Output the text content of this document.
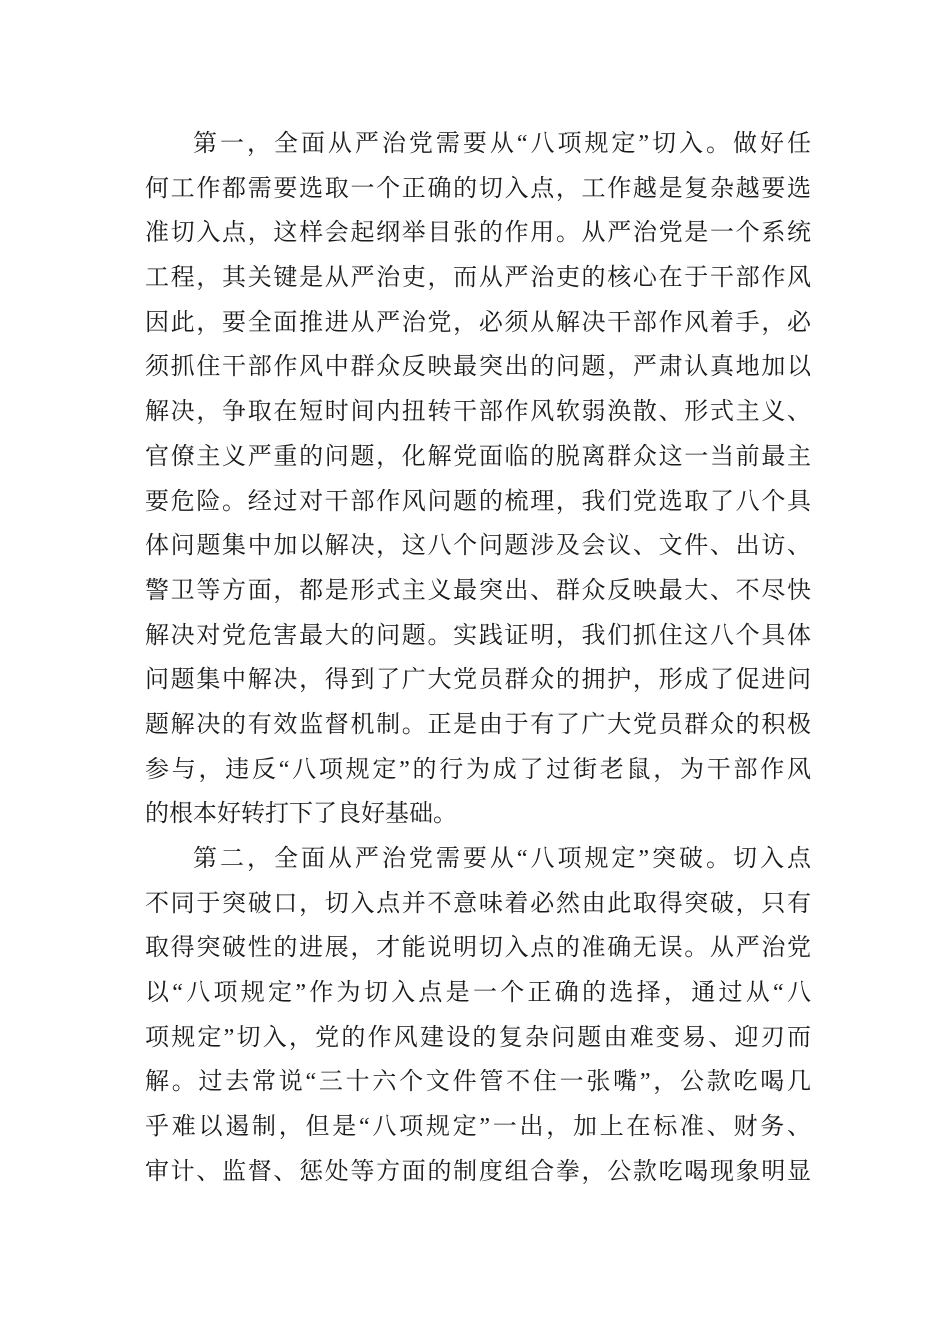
第一，全面从严治党需要从“八项规定”切入。做好任
何工作都需要选取一个正确的切入点，工作越是复杂越要选
准切入点，这样会起纲举目张的作用。从严治党是一个系统
工程，其关键是从严治吏，而从严治吏的核心在于干部作风
因此，要全面推进从严治党，必须从解决干部作风着手，必
须抓住干部作风中群众反映最突出的问题，严肃认真地加以
解决，争取在短时间内扭转干部作风软弱涣散、形式主义、
官僚主义严重的问题，化解党面临的脱离群众这一当前最主
要危险。经过对干部作风问题的梳理，我们党选取了八个具
体问题集中加以解决，这八个问题涉及会议、文件、出访、
警卫等方面，都是形式主义最突出、群众反映最大、不尽快
解决对党危害最大的问题。实践证明，我们抓住这八个具体
问题集中解决，得到了广大党员群众的拥护，形成了促进问
题解决的有效监督机制。正是由于有了广大党员群众的积极
参与，违反“八项规定”的行为成了过街老鼠，为干部作风
的根本好转打下了良好基础。
第二，全面从严治党需要从“八项规定”突破。切入点
不同于突破口，切入点并不意味着必然由此取得突破，只有
取得突破性的进展，才能说明切入点的准确无误。从严治党
以“八项规定”作为切入点是一个正确的选择，通过从“八
项规定”切入，党的作风建设的复杂问题由难变易、迎刃而
解。过去常说“三十六个文件管不住一张嘴”，公款吃喝几
乎难以遏制，但是“八项规定”一出，加上在标准、财务、
审计、监督、惩处等方面的制度组合拳，公款吃喝现象明显
